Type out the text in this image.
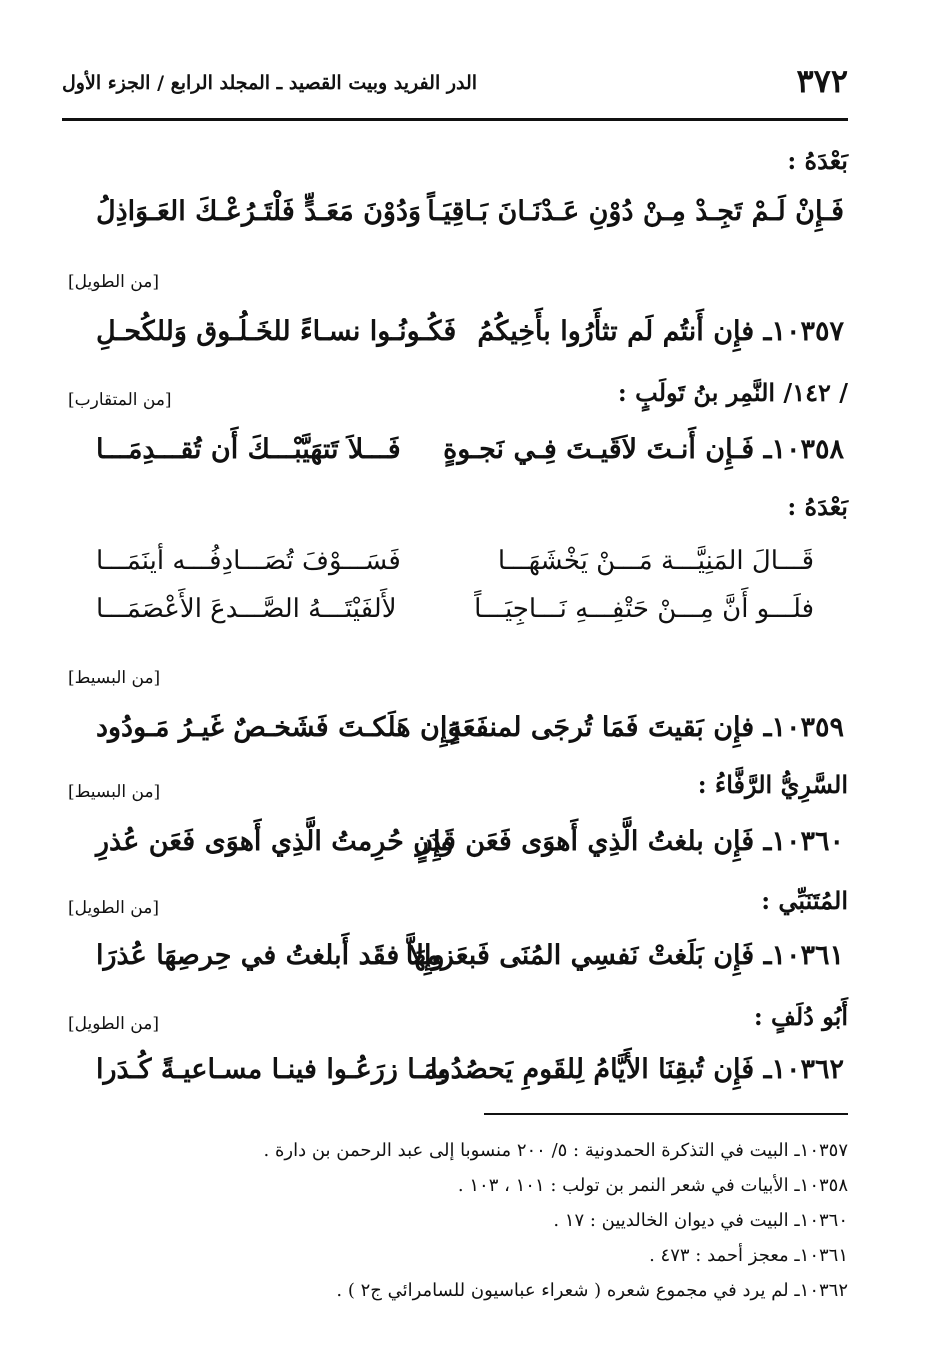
٣٧٢
الدر الفريد وبيت القصيد ـ المجلد الرابع / الجزء الأول
بَعْدَهُ :
فَـإِنْ لَـمْ تَجِـدْ مِـنْ دُوْنِ عَـدْنَـانَ بَـاقِيَـاً
وَدُوْنَ مَعَـدٍّ فَلْتَـرُعْـكَ العَـوَاذِلُ
[من الطويل]
١٠٣٥٧ـ فإِن أَنتُم لَم تثأَرُوا بأَخِيكُمُ
فَكُـونُـوا نسـاءً للخَـلُـوق وَللكُحـلِ
/ ١٤٢/ النَّمِر بنُ تَولَبٍ :
[من المتقارب]
١٠٣٥٨ـ فَـإِن أَنـتَ لاَقَيـتَ فِـي نَجـوةٍ
فَـــلاَ تَتهَيَّبْـــكَ أَن تُقـــدِمَـــا
بَعْدَهُ :
قَـــالَ المَنِيَّـــة مَـــنْ يَخْشَهَـــا
فَسَـــوْفَ تُصَـــادِفُـــه أينَمَـــا
فلَـــو أَنَّ مِـــنْ حَتْفِـــهِ نَـــاجِيَـــاً
لأَلفَيْتَـــهُ الصَّـــدعَ الأَعْصَمَـــا
[من البسيط]
١٠٣٥٩ـ فإِن بَقيتَ فَمَا تُرجَى لمنفَعَةٍ
وَإِن هَلَكـتَ فَشَخـصٌ غَيـرُ مَـودُود
السَّرِيُّ الرَّفَّاءُ :
[من البسيط]
١٠٣٦٠ـ فَإِن بلغتُ الَّذِي أَهوَى فَعَن قَدَرٍ
وإِن حُرِمتُ الَّذِي أَهوَى فَعَن عُذرِ
المُتَنَبِّي :
[من الطويل]
١٠٣٦١ـ فَإِن بَلَغتْ نَفسِي المُنَى فَبعَزمِهَا
وإِلاَّ فقَد أَبلغتُ في حِرصِهَا عُذرَا
أَبُو دُلَفٍ :
[من الطويل]
١٠٣٦٢ـ فَإِن تُبقِنَا الأَيَّامُ لِلقَومِ يَحصُدُوا
بمَـا زرَعُـوا فينـا مسـاعيـةً كُـدَرا
١٠٣٥٧ـ البيت في التذكرة الحمدونية : ٥/ ٢٠٠ منسوبا إلى عبد الرحمن بن دارة .
١٠٣٥٨ـ الأبيات في شعر النمر بن تولب : ١٠١ ، ١٠٣ .
١٠٣٦٠ـ البيت في ديوان الخالديين : ١٧ .
١٠٣٦١ـ معجز أحمد : ٤٧٣ .
١٠٣٦٢ـ لم يرد في مجموع شعره ( شعراء عباسيون للسامرائي ج٢ ) .
